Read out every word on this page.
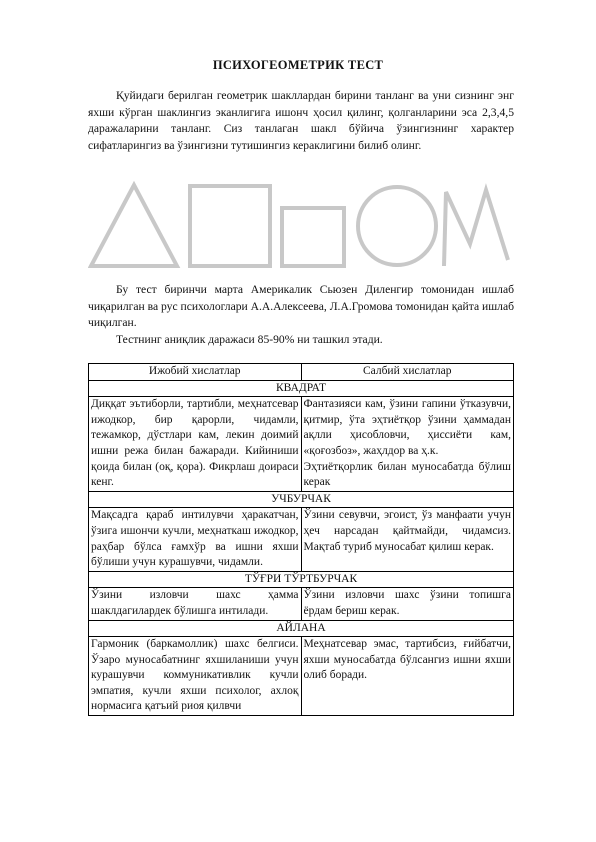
ПСИХОГЕОМЕТРИК ТЕСТ
Қуйидаги берилган геометрик шакллардан бирини танланг ва уни сизнинг энг яхши кўрган шаклингиз эканлигига ишонч ҳосил қилинг, қолганларини эса 2,3,4,5 даражаларини танланг. Сиз танлаган шакл бўйича ўзингизнинг характер сифатларингиз ва ўзингизни тутишингиз кераклигини билиб олинг.
Бу тест биринчи марта Америкалик Сьюзен Диленгир томонидан ишлаб чиқарилган ва рус психологлари А.А.Алексеева, Л.А.Громова томонидан қайта ишлаб чиқилган.
Тестнинг аниқлик даражаси 85-90% ни ташкил этади.
Ижобий хислатлар	Салбий хислатлар
КВАДРАТ	
Диққат эътиборли, тартибли, меҳнатсевар ижодкор, бир қарорли, чидамли, тежамкор, дўстлари кам, лекин доимий ишни режа билан бажаради. Кийиниши қоида билан (оқ, қора). Фикрлаш доираси кенг.	Фантазияси кам, ўзини гапини ўтказувчи, қитмир, ўта эҳтиётқор ўзини ҳаммадан ақлли ҳисобловчи, ҳиссиёти кам, «қоғозбоз», жаҳлдор ва ҳ.к.
Эҳтиётқорлик билан муносабатда бўлиш керак
УЧБУРЧАК	
Мақсадга қараб интилувчи ҳаракатчан, ўзига ишончи кучли, меҳнаткаш ижодкор, раҳбар бўлса ғамхўр ва ишни яхши бўлиши учун курашувчи, чидамли.	Ўзини севувчи, эгоист, ўз манфаати учун ҳеч нарсадан қайтмайди, чидамсиз. Мақтаб туриб муносабат қилиш керак.
ТЎҒРИ ТЎРТБУРЧАК	
Ўзини изловчи шахс ҳамма шаклдагилардек бўлишга интилади.	Ўзини изловчи шахс ўзини топишга ёрдам бериш керак.
АЙЛАНА	
Гармоник (баркамоллик) шахс белгиси. Ўзаро муносабатнинг яхшиланиши учун курашувчи коммуникативлик кучли эмпатия, кучли яхши психолог, ахлоқ нормасига қатъий риоя қилвчи	Меҳнатсевар эмас, тартибсиз, ғийбатчи, яхши муносабатда бўлсангиз ишни яхши олиб боради.
